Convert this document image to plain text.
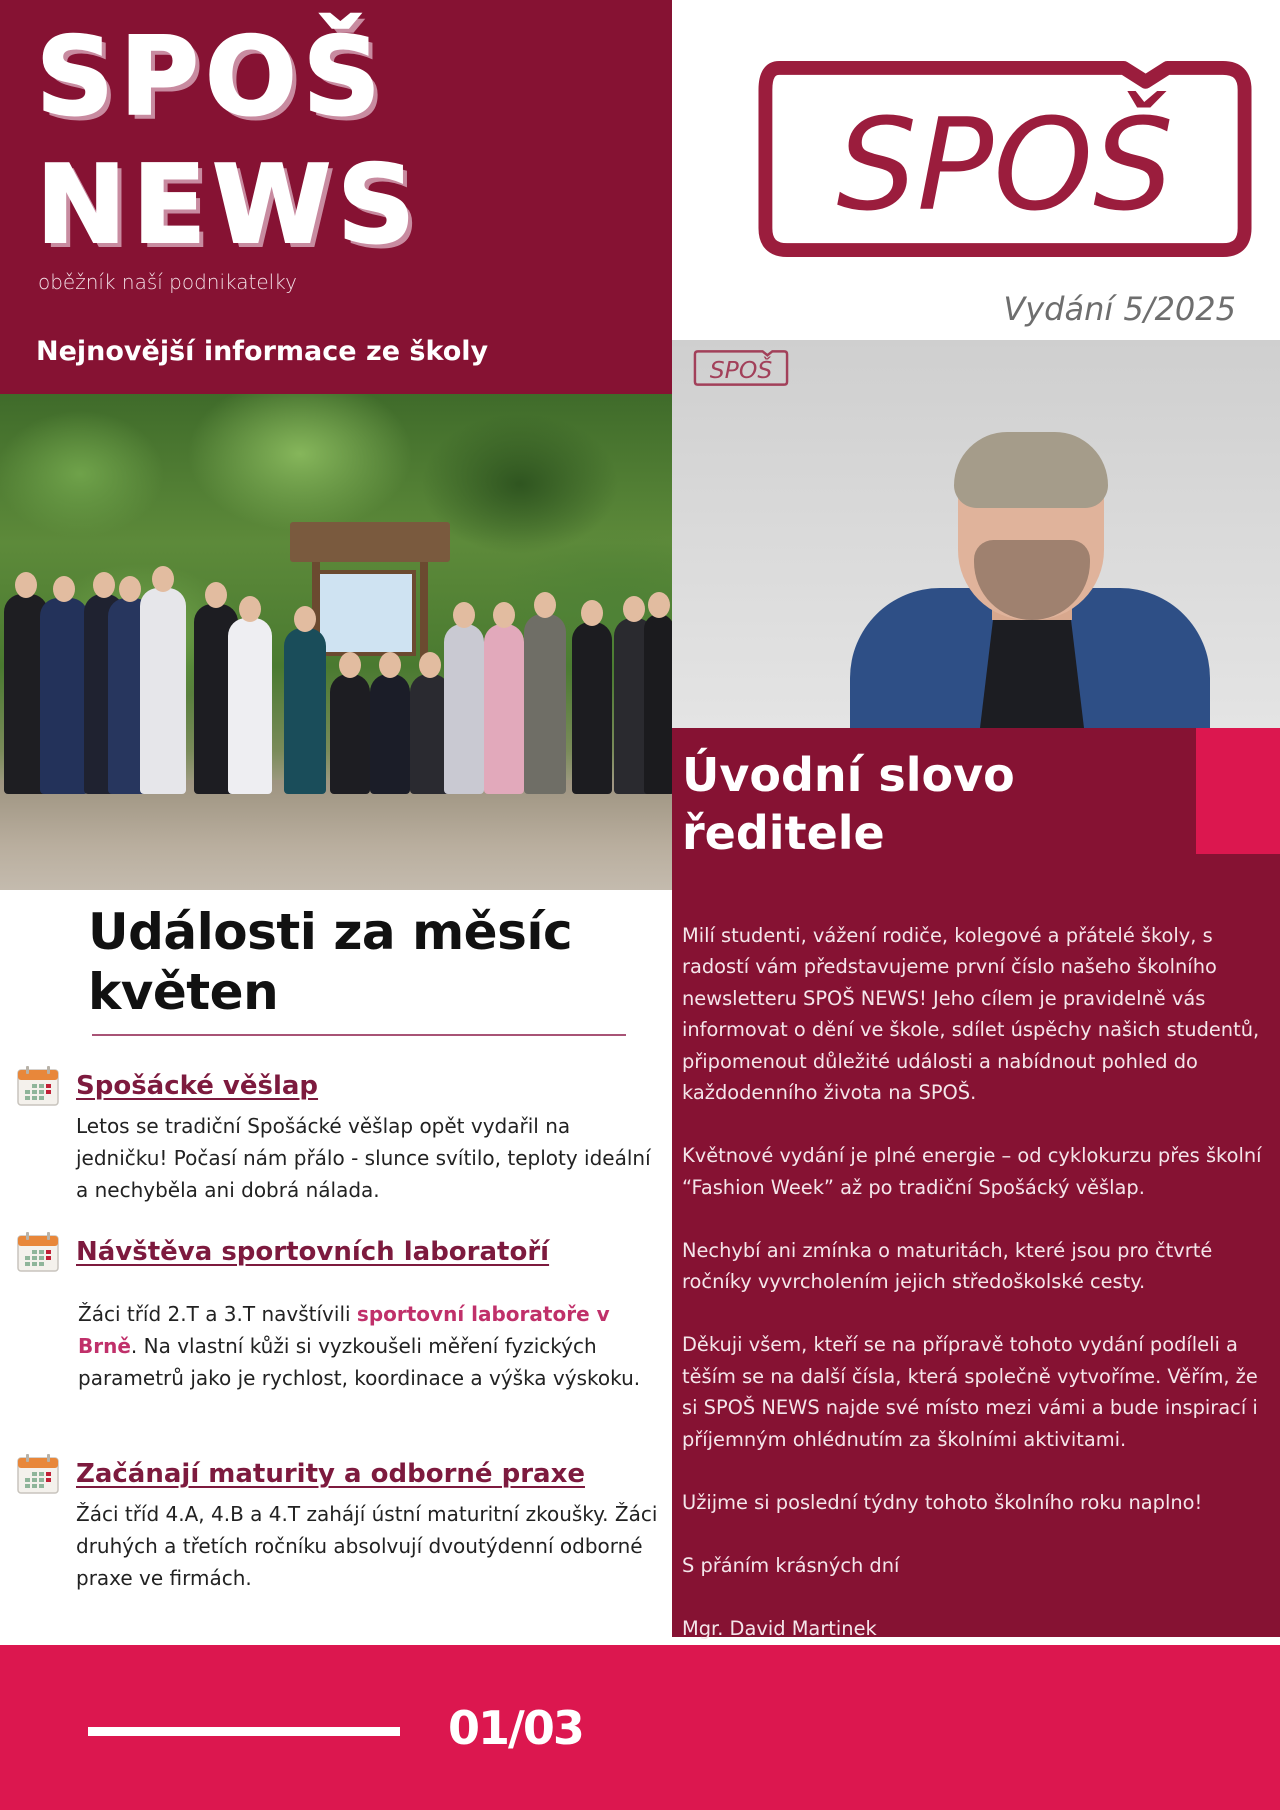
SPOŠ
NEWS
oběžník naší podnikatelky
Nejnovější informace ze školy
SPOŠ
Vydání 5/2025
SPOŠ
Úvodní slovo ředitele

Milí studenti, vážení rodiče, kolegové a přátelé školy, s radostí vám představujeme první číslo našeho školního newsletteru SPOŠ NEWS! Jeho cílem je pravidelně vás informovat o dění ve škole, sdílet úspěchy našich studentů, připomenout důležité události a nabídnout pohled do každodenního života na SPOŠ.

Květnové vydání je plné energie – od cyklokurzu přes školní “Fashion Week” až po tradiční Spošácký věšlap.

Nechybí ani zmínka o maturitách, které jsou pro čtvrté ročníky vyvrcholením jejich středoškolské cesty.

Děkuji všem, kteří se na přípravě tohoto vydání podíleli a těším se na další čísla, která společně vytvoříme. Věřím, že si SPOŠ NEWS najde své místo mezi vámi a bude inspirací i příjemným ohlédnutím za školními aktivitami.

Užijme si poslední týdny tohoto školního roku naplno!

S přáním krásných dní

Mgr. David Martinek

Události za měsíc květen
Spošácké věšlap

Letos se tradiční Spošácké věšlap opět vydařil na jedničku! Počasí nám přálo - slunce svítilo, teploty ideální a nechyběla ani dobrá nálada.

Návštěva sportovních laboratoří

Žáci tříd 2.T a 3.T navštívili sportovní laboratoře v Brně. Na vlastní kůži si vyzkoušeli měření fyzických parametrů jako je rychlost, koordinace a výška výskoku.

Začánají maturity a odborné praxe

Žáci tříd 4.A, 4.B a 4.T zahájí ústní maturitní zkoušky. Žáci druhých a třetích ročníku absolvují dvoutýdenní odborné praxe ve firmách.

01/03
